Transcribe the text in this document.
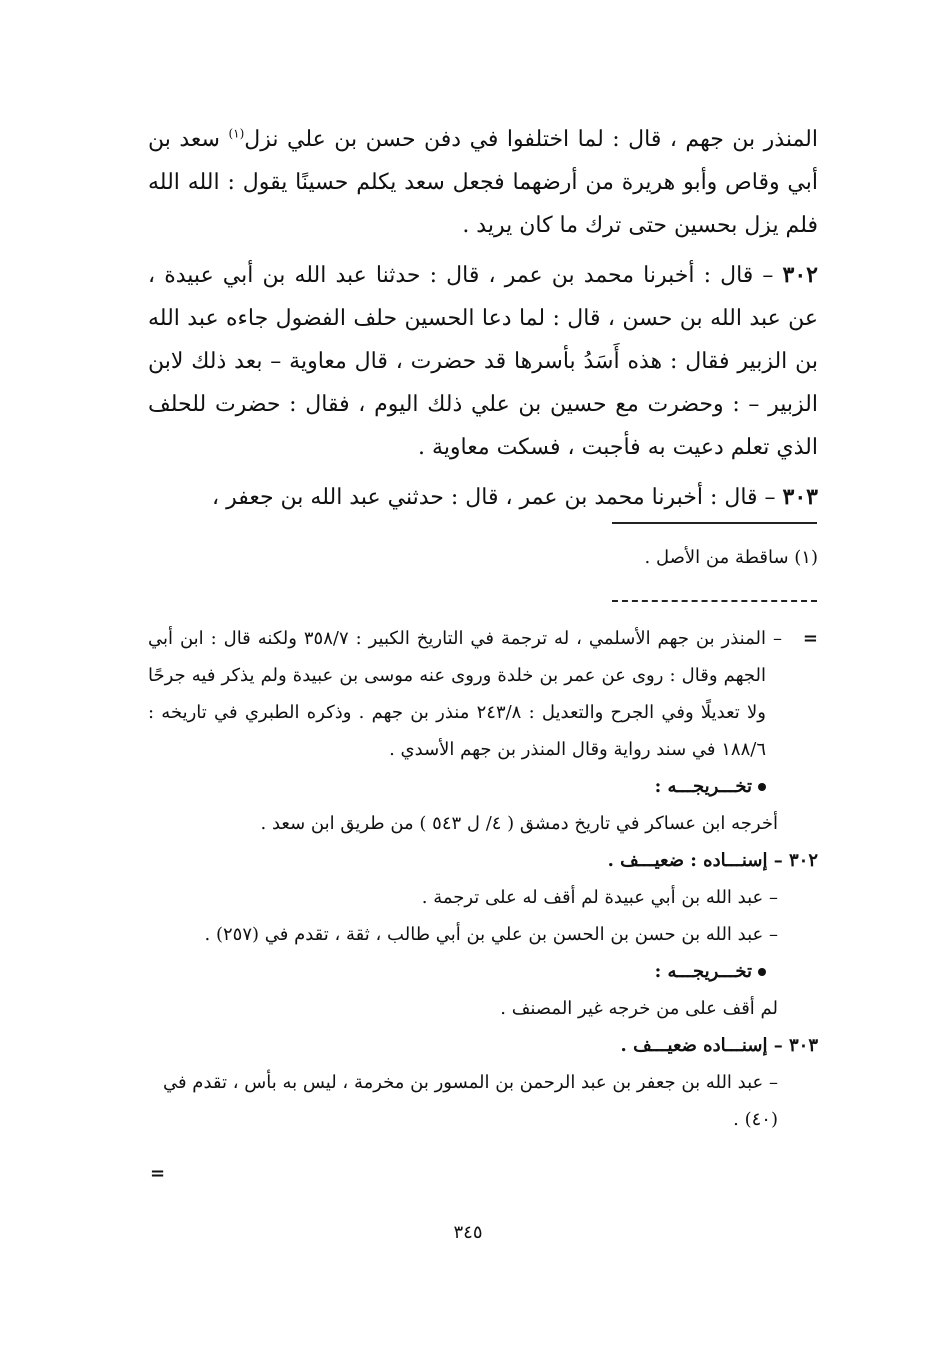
المنذر بن جهم ، قال : لما اختلفوا في دفن حسن بن علي نزل$^{(١)}$ سعد بن أبي وقاص وأبو هريرة من أرضهما فجعل سعد يكلم حسينًا يقول : الله الله فلم يزل بحسين حتى ترك ما كان يريد .

٣٠٢ – قال : أخبرنا محمد بن عمر ، قال : حدثنا عبد الله بن أبي عبيدة ، عن عبد الله بن حسن ، قال : لما دعا الحسين حلف الفضول جاءه عبد الله بن الزبير فقال : هذه أَسَدُ بأسرها قد حضرت ، قال معاوية – بعد ذلك لابن الزبير – : وحضرت مع حسين بن علي ذلك اليوم ، فقال : حضرت للحلف الذي تعلم دعيت به فأجبت ، فسكت معاوية .

٣٠٣ – قال : أخبرنا محمد بن عمر ، قال : حدثني عبد الله بن جعفر ،

(١) ساقطة من الأصل .
=
–
المنذر بن جهم الأسلمي ، له ترجمة في التاريخ الكبير : ٣٥٨/٧ ولكنه قال : ابن أبي الجهم وقال : روى عن عمر بن خلدة وروى عنه موسى بن عبيدة ولم يذكر فيه جرحًا ولا تعديلًا وفي الجرح والتعديل : ٢٤٣/٨ منذر بن جهم . وذكره الطبري في تاريخه : ١٨٨/٦ في سند رواية وقال المنذر بن جهم الأسدي .
تخـــريجـــه :
أخرجه ابن عساكر في تاريخ دمشق ( ٤/ ل ٥٤٣ ) من طريق ابن سعد .
٣٠٢ – إسنـــاده : ضعيـــف .
– عبد الله بن أبي عبيدة لم أقف له على ترجمة .
– عبد الله بن حسن بن الحسن بن علي بن أبي طالب ، ثقة ، تقدم في (٢٥٧) .
تخـــريجـــه :
لم أقف على من خرجه غير المصنف .
٣٠٣ – إسنـــاده ضعيـــف .
– عبد الله بن جعفر بن عبد الرحمن بن المسور بن مخرمة ، ليس به بأس ، تقدم في (٤٠) .
=
٣٤٥
